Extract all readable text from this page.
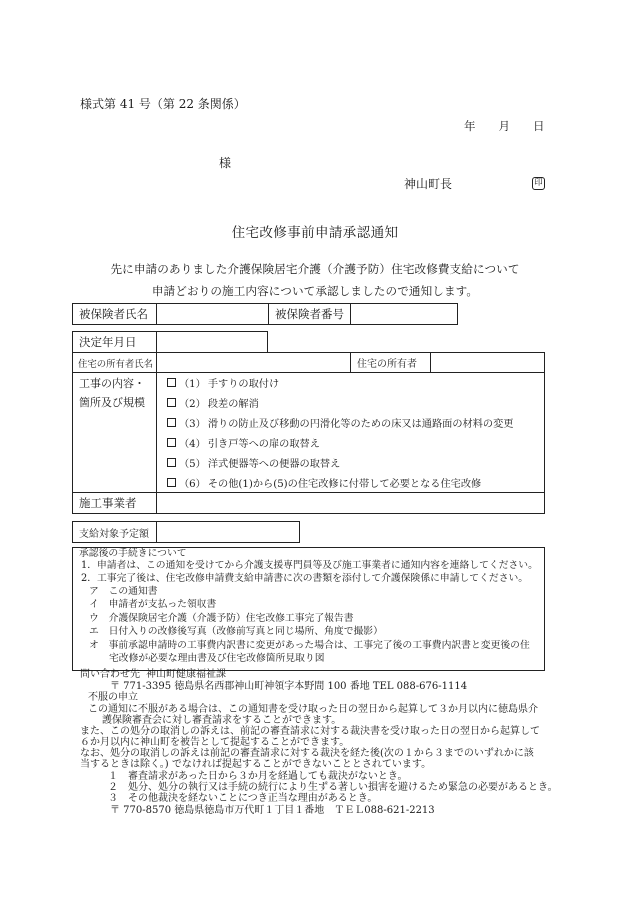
様式第 41 号（第 22 条関係）
年　　月　　日
様
神山町長	印
住宅改修事前申請承認通知
先に申請のありました介護保険居宅介護（介護予防）住宅改修費支給について
申請どおりの施工内容について承認しましたので通知します。
被保険者氏名	被保険者番号
決定年月日
住宅の所有者氏名	住宅の所有者
工事の内容・
箇所及び規模
（1） 手すりの取付け
（2） 段差の解消
（3） 滑りの防止及び移動の円滑化等のための床又は通路面の材料の変更
（4） 引き戸等への扉の取替え
（5） 洋式便器等への便器の取替え
（6） その他(1)から(5)の住宅改修に付帯して必要となる住宅改修
施工事業者
支給対象予定額
承認後の手続きについて
1．申請者は、この通知を受けてから介護支援専門員等及び施工事業者に通知内容を連絡してください。
2．工事完了後は、住宅改修申請費支給申請書に次の書類を添付して介護保険係に申請してください。
ア　この通知書
イ　申請者が支払った領収書
ウ　介護保険居宅介護（介護予防）住宅改修工事完了報告書
エ　日付入りの改修後写真（改修前写真と同じ場所、角度で撮影）
オ　事前承認申請時の工事費内訳書に変更があった場合は、工事完了後の工事費内訳書と変更後の住
宅改修が必要な理由書及び住宅改修箇所見取り図
問い合わせ先 神山町健康福祉課
〒 771-3395 徳島県名西郡神山町神領字本野間 100 番地 TEL 088-676-1114
不服の申立
この通知に不服がある場合は、この通知書を受け取った日の翌日から起算して３か月以内に徳島県介
護保険審査会に対し審査請求をすることができます。
また、この処分の取消しの訴えは、前記の審査請求に対する裁決書を受け取った日の翌日から起算して
６か月以内に神山町を被告として提起することができます。
なお、処分の取消しの訴えは前記の審査請求に対する裁決を経た後(次の１から３までのいずれかに該
当するときは除く。) でなければ提起することができないこととされています。
１　審査請求があった日から３か月を経過しても裁決がないとき。
２　処分、処分の執行又は手続の続行により生ずる著しい損害を避けるため緊急の必要があるとき。
３　その他裁決を経ないことにつき正当な理由があるとき。
〒 770-8570 徳島県徳島市万代町１丁目１番地　ＴＥＬ088-621-2213
